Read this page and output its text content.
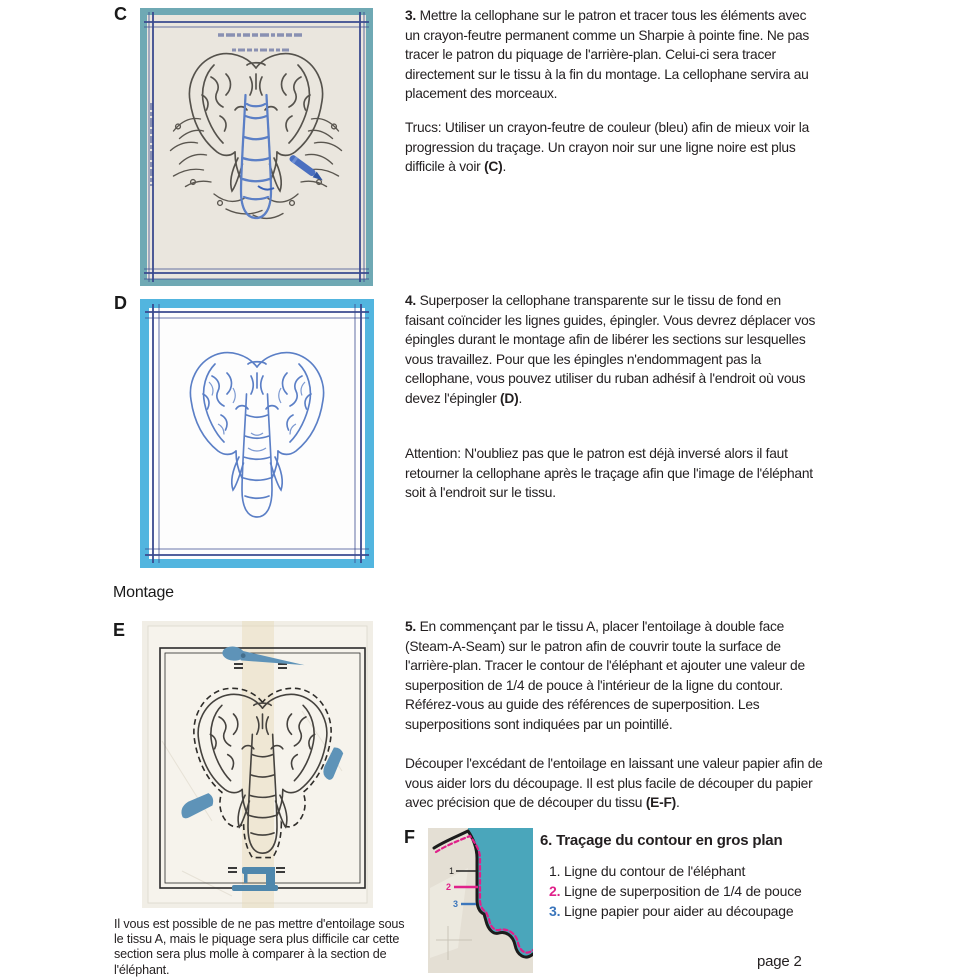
C	3. Mettre la cellophane sur le patron et tracer tous les éléments avec un crayon-feutre permanent comme un Sharpie à pointe fine. Ne pas tracer le patron du piquage de l'arrière-plan. Celui-ci sera tracer directement sur le tissu à la fin du montage. La cellophane servira au placement des morceaux.

Trucs: Utiliser un crayon-feutre de couleur (bleu) afin de mieux voir la progression du traçage. Un crayon noir sur une ligne noire est plus difficile à voir (C).

D	4. Superposer la cellophane transparente sur le tissu de fond en faisant coïncider les lignes guides, épingler. Vous devrez déplacer vos épingles durant le montage afin de libérer les sections sur lesquelles vous travaillez. Pour que les épingles n'endommagent pas la cellophane, vous pouvez utiliser du ruban adhésif à l'endroit où vous devez l'épingler (D).

Attention: N'oubliez pas que le patron est déjà inversé alors il faut retourner la cellophane après le traçage afin que l'image de l'éléphant soit à l'endroit sur le tissu.

Montage
E	5. En commençant par le tissu A, placer l'entoilage à double face (Steam-A-Seam) sur le patron afin de couvrir toute la surface de l'arrière-plan. Tracer le contour de l'éléphant et ajouter une valeur de superposition de 1/4 de pouce à l'intérieur de la ligne du contour. Référez-vous au guide des références de superposition. Les superpositions sont indiquées par un pointillé.

Découper l'excédant de l'entoilage en laissant une valeur papier afin de vous aider lors du découpage. Il est plus facile de découper du papier avec précision que de découper du tissu (E-F).

Il vous est possible de ne pas mettre d'entoilage sous le tissu A, mais le piquage sera plus difficile car cette section sera plus molle à comparer à la section de l'éléphant.

F
1
2
3
6. Traçage du contour en gros plan
1. Ligne du contour de l'éléphant
2. Ligne de superposition de 1/4 de pouce
3. Ligne papier pour aider au découpage
page 2
